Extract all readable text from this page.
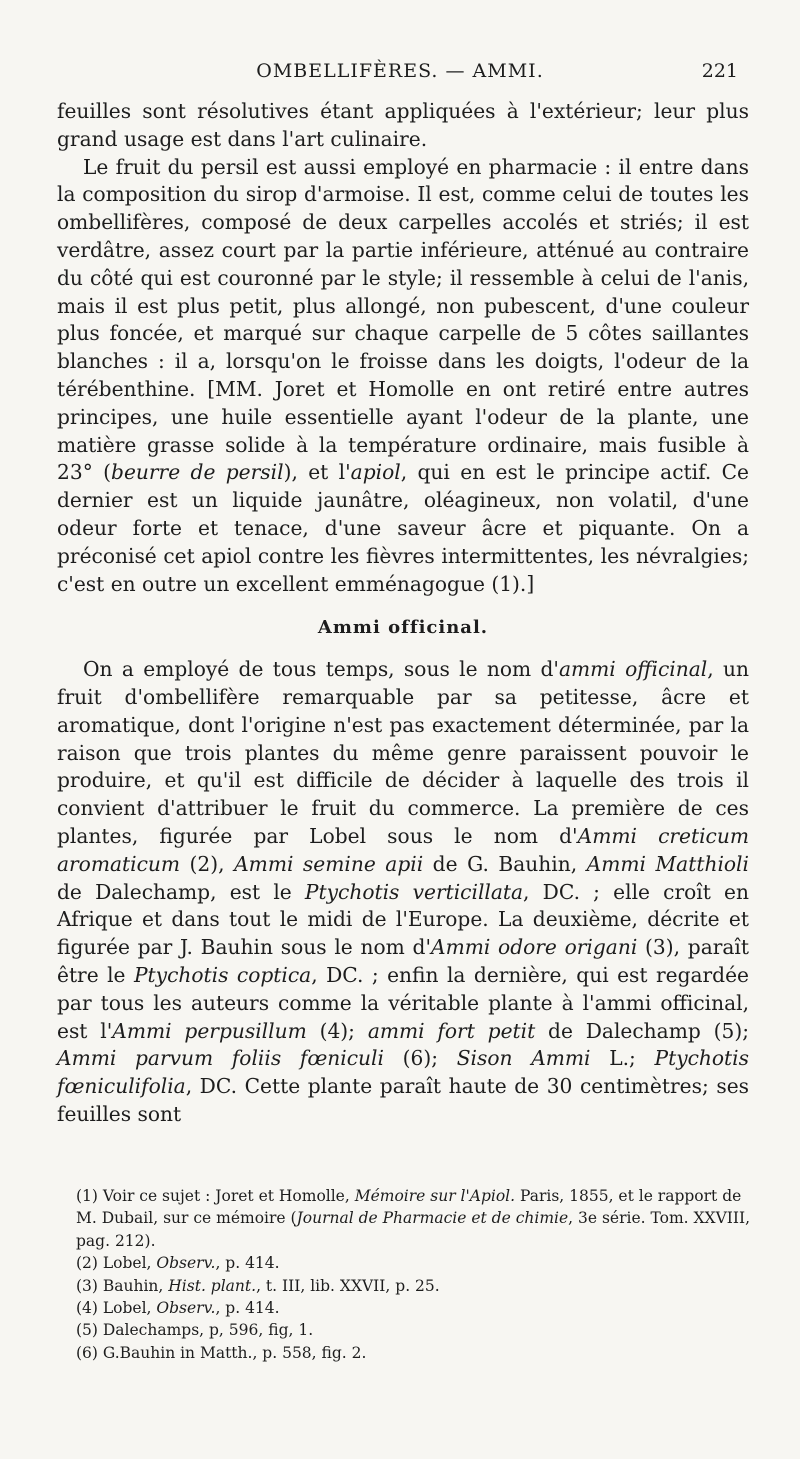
OMBELLIFÈRES. — AMMI.	221

feuilles sont résolutives étant appliquées à l'extérieur; leur plus grand usage est dans l'art culinaire.

Le fruit du persil est aussi employé en pharmacie : il entre dans la composition du sirop d'armoise. Il est, comme celui de toutes les ombellifères, composé de deux carpelles accolés et striés; il est verdâtre, assez court par la partie inférieure, atténué au contraire du côté qui est couronné par le style; il ressemble à celui de l'anis, mais il est plus petit, plus allongé, non pubescent, d'une couleur plus foncée, et marqué sur chaque carpelle de 5 côtes saillantes blanches : il a, lorsqu'on le froisse dans les doigts, l'odeur de la térébenthine. [MM. Joret et Homolle en ont retiré entre autres principes, une huile essentielle ayant l'odeur de la plante, une matière grasse solide à la température ordinaire, mais fusible à 23° (beurre de persil), et l'apiol, qui en est le principe actif. Ce dernier est un liquide jaunâtre, oléagineux, non volatil, d'une odeur forte et tenace, d'une saveur âcre et piquante. On a préconisé cet apiol contre les fièvres intermittentes, les névralgies; c'est en outre un excellent emménagogue (1).]

Ammi officinal.

On a employé de tous temps, sous le nom d'ammi officinal, un fruit d'ombellifère remarquable par sa petitesse, âcre et aromatique, dont l'origine n'est pas exactement déterminée, par la raison que trois plantes du même genre paraissent pouvoir le produire, et qu'il est difficile de décider à laquelle des trois il convient d'attribuer le fruit du commerce. La première de ces plantes, figurée par Lobel sous le nom d'Ammi creticum aromaticum (2), Ammi semine apii de G. Bauhin, Ammi Matthioli de Dalechamp, est le Ptychotis verticillata, DC. ; elle croît en Afrique et dans tout le midi de l'Europe. La deuxième, décrite et figurée par J. Bauhin sous le nom d'Ammi odore origani (3), paraît être le Ptychotis coptica, DC. ; enfin la dernière, qui est regardée par tous les auteurs comme la véritable plante à l'ammi officinal, est l'Ammi perpusillum (4); ammi fort petit de Dalechamp (5); Ammi parvum foliis fœniculi (6); Sison Ammi L.; Ptychotis fœniculifolia, DC. Cette plante paraît haute de 30 centimètres; ses feuilles sont

(1) Voir ce sujet : Joret et Homolle, Mémoire sur l'Apiol. Paris, 1855, et le rapport de M. Dubail, sur ce mémoire (Journal de Pharmacie et de chimie, 3e série. Tom. XXVIII, pag. 212).

(2) Lobel, Observ., p. 414.

(3) Bauhin, Hist. plant., t. III, lib. XXVII, p. 25.

(4) Lobel, Observ., p. 414.

(5) Dalechamps, p, 596, fig, 1.

(6) G.Bauhin in Matth., p. 558, fig. 2.
